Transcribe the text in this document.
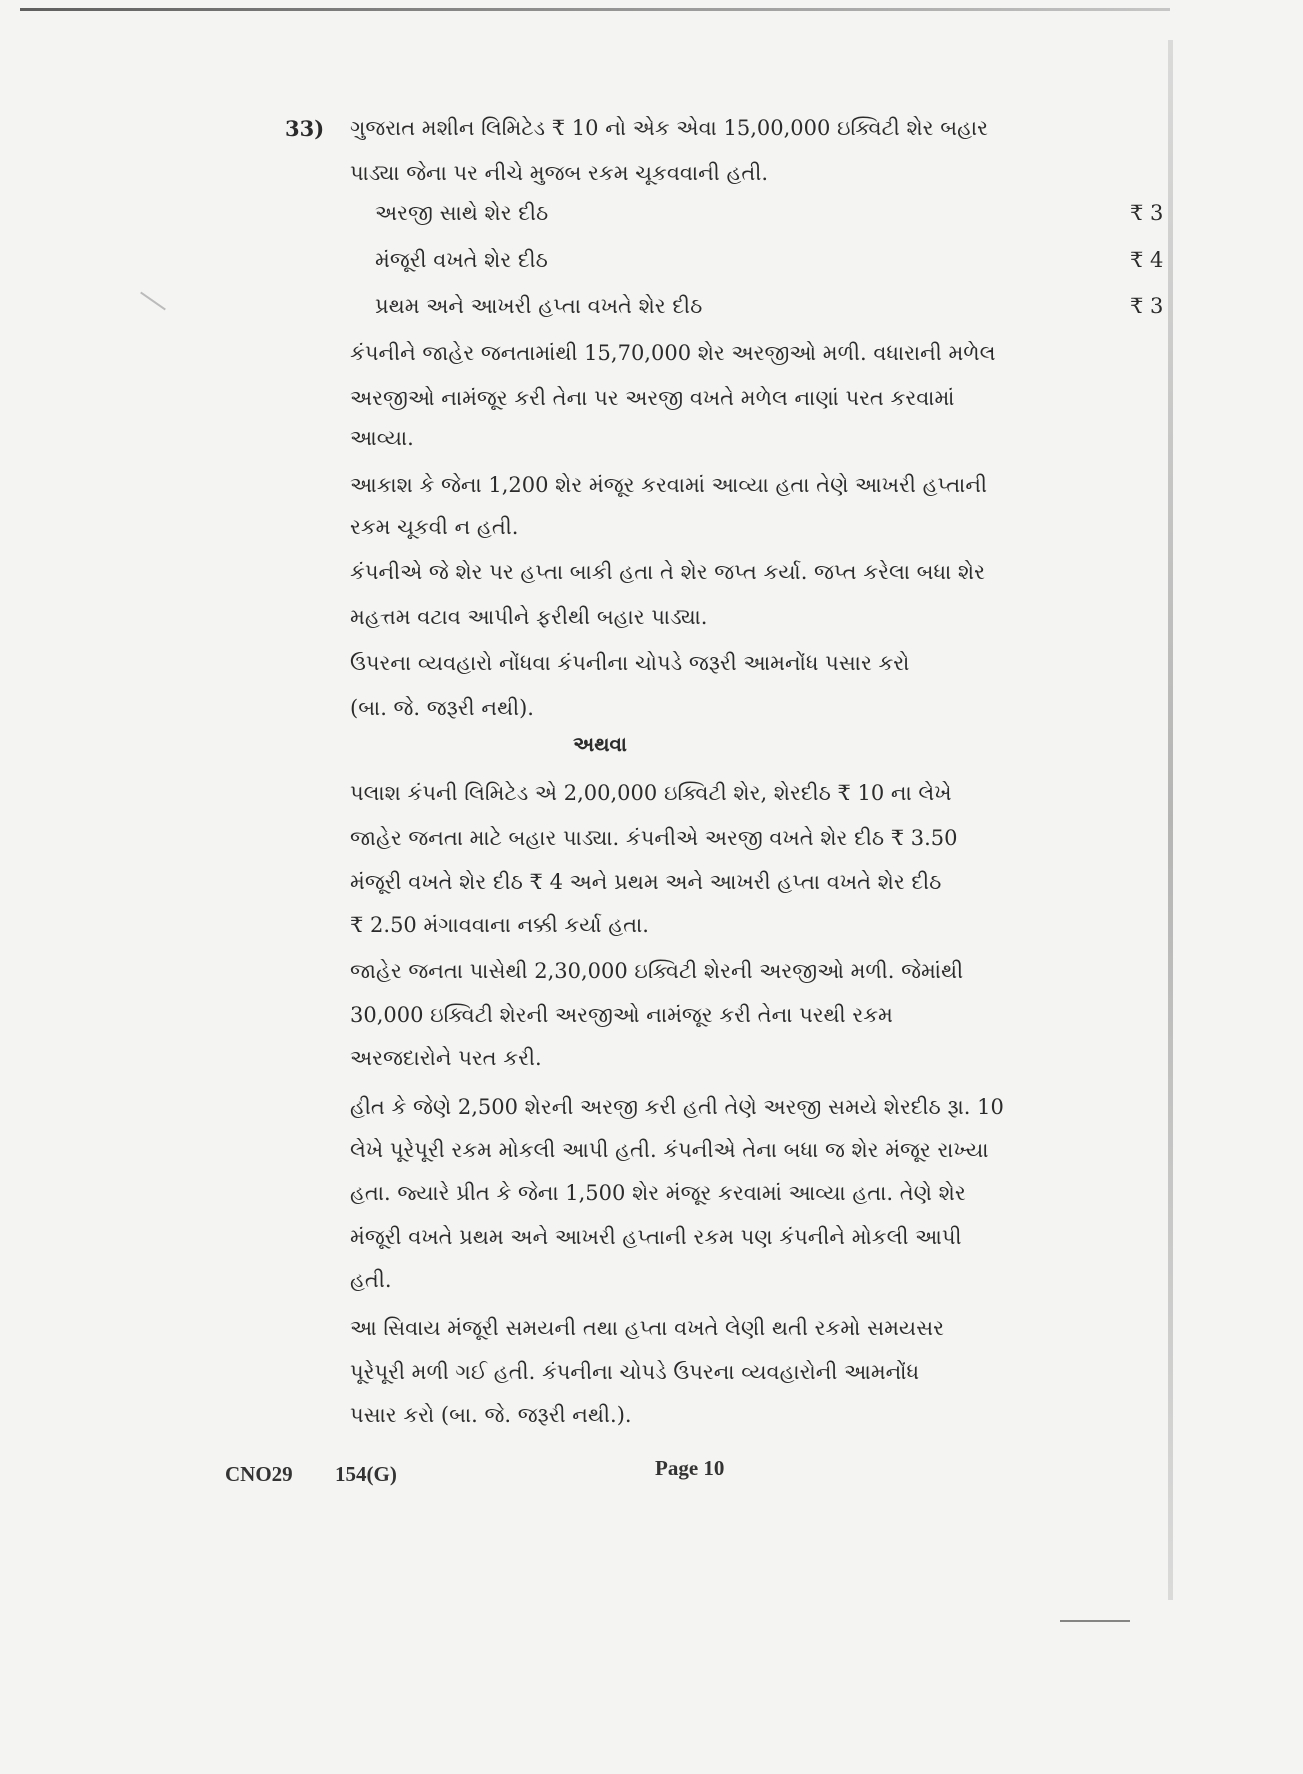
33) ગુજરાત મશીન લિમિટેડ ₹ 10 નો એક એવા 15,00,000 ઇક્વિટી શેર બહાર
પાડ્યા જેના પર નીચે મુજબ રકમ ચૂકવવાની હતી.
અરજી સાથે શેર દીઠ	₹ 3
મંજૂરી વખતે શેર દીઠ	₹ 4
પ્રથમ અને આખરી હપ્તા વખતે શેર દીઠ	₹ 3
કંપનીને જાહેર જનતામાંથી 15,70,000 શેર અરજીઓ મળી. વધારાની મળેલ
અરજીઓ નામંજૂર કરી તેના પર અરજી વખતે મળેલ નાણાં પરત કરવામાં
આવ્યા.
આકાશ કે જેના 1,200 શેર મંજૂર કરવામાં આવ્યા હતા તેણે આખરી હપ્તાની
રકમ ચૂકવી ન હતી.
કંપનીએ જે શેર પર હપ્તા બાકી હતા તે શેર જપ્ત કર્યા. જપ્ત કરેલા બધા શેર
મહત્તમ વટાવ આપીને ફરીથી બહાર પાડ્યા.
ઉપરના વ્યવહારો નોંધવા કંપનીના ચોપડે જરૂરી આમનોંધ પસાર કરો
(બા. જે. જરૂરી નથી).
અથવા
પલાશ કંપની લિમિટેડ એ 2,00,000 ઇક્વિટી શેર, શેરદીઠ ₹ 10 ના લેખે
જાહેર જનતા માટે બહાર પાડ્યા. કંપનીએ અરજી વખતે શેર દીઠ ₹ 3.50
મંજૂરી વખતે શેર દીઠ ₹ 4 અને પ્રથમ અને આખરી હપ્તા વખતે શેર દીઠ
₹ 2.50 મંગાવવાના નક્કી કર્યા હતા.
જાહેર જનતા પાસેથી 2,30,000 ઇક્વિટી શેરની અરજીઓ મળી. જેમાંથી
30,000 ઇક્વિટી શેરની અરજીઓ નામંજૂર કરી તેના પરથી રકમ
અરજદારોને પરત કરી.
હીત કે જેણે 2,500 શેરની અરજી કરી હતી તેણે અરજી સમયે શેરદીઠ રૂા. 10
લેખે પૂરેપૂરી રકમ મોકલી આપી હતી. કંપનીએ તેના બધા જ શેર મંજૂર રાખ્યા
હતા. જ્યારે પ્રીત કે જેના 1,500 શેર મંજૂર કરવામાં આવ્યા હતા. તેણે શેર
મંજૂરી વખતે પ્રથમ અને આખરી હપ્તાની રકમ પણ કંપનીને મોકલી આપી
હતી.
આ સિવાય મંજૂરી સમયની તથા હપ્તા વખતે લેણી થતી રકમો સમયસર
પૂરેપૂરી મળી ગઈ હતી. કંપનીના ચોપડે ઉપરના વ્યવહારોની આમનોંધ
પસાર કરો (બા. જે. જરૂરી નથી.).
CNO29 154(G)	Page 10
